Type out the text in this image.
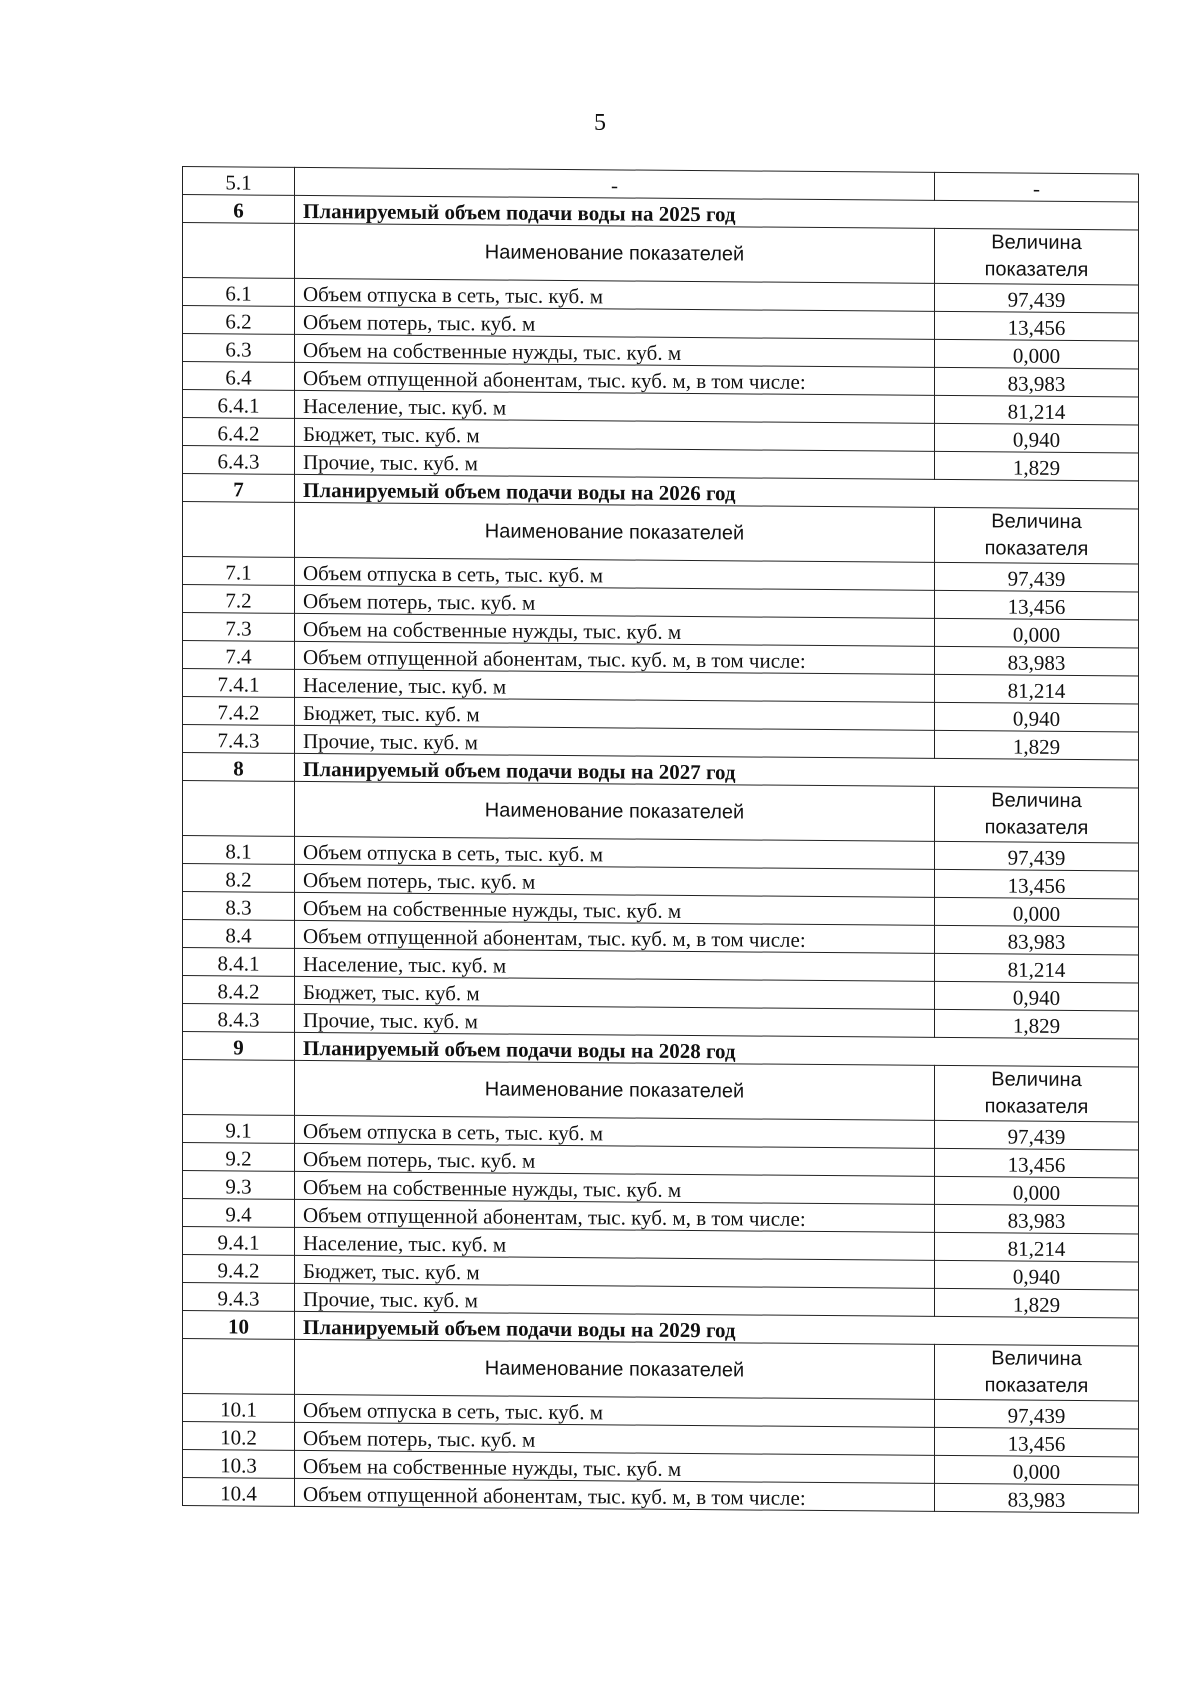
5
5.1	-	-
6	Планируемый объем подачи воды на 2025 год	
	Наименование показателей	Величина показателя
6.1	Объем отпуска в сеть, тыс. куб. м	97,439
6.2	Объем потерь, тыс. куб. м	13,456
6.3	Объем на собственные нужды, тыс. куб. м	0,000
6.4	Объем отпущенной абонентам, тыс. куб. м, в том числе:	83,983
6.4.1	Население, тыс. куб. м	81,214
6.4.2	Бюджет, тыс. куб. м	0,940
6.4.3	Прочие, тыс. куб. м	1,829
7	Планируемый объем подачи воды на 2026 год	
	Наименование показателей	Величина показателя
7.1	Объем отпуска в сеть, тыс. куб. м	97,439
7.2	Объем потерь, тыс. куб. м	13,456
7.3	Объем на собственные нужды, тыс. куб. м	0,000
7.4	Объем отпущенной абонентам, тыс. куб. м, в том числе:	83,983
7.4.1	Население, тыс. куб. м	81,214
7.4.2	Бюджет, тыс. куб. м	0,940
7.4.3	Прочие, тыс. куб. м	1,829
8	Планируемый объем подачи воды на 2027 год	
	Наименование показателей	Величина показателя
8.1	Объем отпуска в сеть, тыс. куб. м	97,439
8.2	Объем потерь, тыс. куб. м	13,456
8.3	Объем на собственные нужды, тыс. куб. м	0,000
8.4	Объем отпущенной абонентам, тыс. куб. м, в том числе:	83,983
8.4.1	Население, тыс. куб. м	81,214
8.4.2	Бюджет, тыс. куб. м	0,940
8.4.3	Прочие, тыс. куб. м	1,829
9	Планируемый объем подачи воды на 2028 год	
	Наименование показателей	Величина показателя
9.1	Объем отпуска в сеть, тыс. куб. м	97,439
9.2	Объем потерь, тыс. куб. м	13,456
9.3	Объем на собственные нужды, тыс. куб. м	0,000
9.4	Объем отпущенной абонентам, тыс. куб. м, в том числе:	83,983
9.4.1	Население, тыс. куб. м	81,214
9.4.2	Бюджет, тыс. куб. м	0,940
9.4.3	Прочие, тыс. куб. м	1,829
10	Планируемый объем подачи воды на 2029 год	
	Наименование показателей	Величина показателя
10.1	Объем отпуска в сеть, тыс. куб. м	97,439
10.2	Объем потерь, тыс. куб. м	13,456
10.3	Объем на собственные нужды, тыс. куб. м	0,000
10.4	Объем отпущенной абонентам, тыс. куб. м, в том числе:	83,983
